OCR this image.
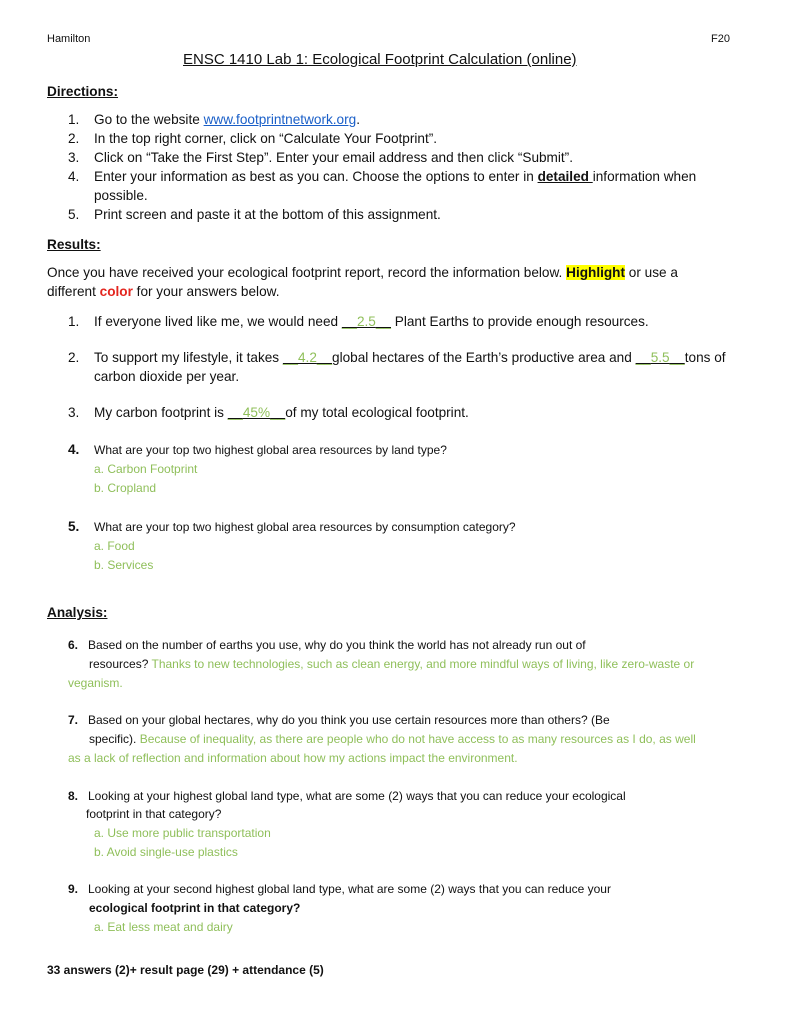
Hamilton	F20
ENSC 1410 Lab 1: Ecological Footprint Calculation (online)
Directions:
1. Go to the website www.footprintnetwork.org.
2. In the top right corner, click on “Calculate Your Footprint”.
3. Click on “Take the First Step”. Enter your email address and then click “Submit”.
4. Enter your information as best as you can. Choose the options to enter in detailed information when
possible.
5. Print screen and paste it at the bottom of this assignment.
Results:
Once you have received your ecological footprint report, record the information below. Highlight or use a
different color for your answers below.
1. If everyone lived like me, we would need __2.5__ Plant Earths to provide enough resources.
2. To support my lifestyle, it takes __4.2__global hectares of the Earth’s productive area and __5.5__tons of
carbon dioxide per year.
3. My carbon footprint is __45%__of my total ecological footprint.
4. What are your top two highest global area resources by land type?
a. Carbon Footprint
b. Cropland
5. What are your top two highest global area resources by consumption category?
a. Food
b. Services
Analysis:
6. Based on the number of earths you use, why do you think the world has not already run out of
resources? Thanks to new technologies, such as clean energy, and more mindful ways of living, like zero-waste or
veganism.
7. Based on your global hectares, why do you think you use certain resources more than others? (Be
specific). Because of inequality, as there are people who do not have access to as many resources as I do, as well
as a lack of reflection and information about how my actions impact the environment.
8. Looking at your highest global land type, what are some (2) ways that you can reduce your ecological
footprint in that category?
a. Use more public transportation
b. Avoid single-use plastics
9. Looking at your second highest global land type, what are some (2) ways that you can reduce your
ecological footprint in that category?
a. Eat less meat and dairy
33 answers (2)+ result page (29) + attendance (5)
